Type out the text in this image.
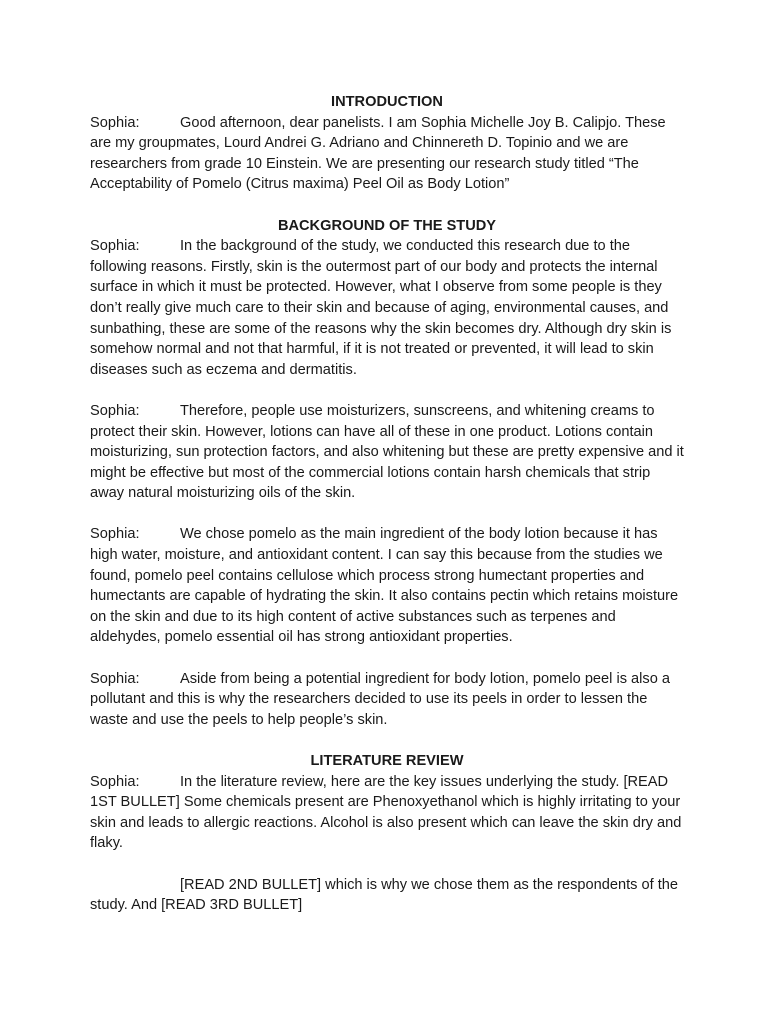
INTRODUCTION

Sophia:	Good afternoon, dear panelists. I am Sophia Michelle Joy B. Calipjo. These are my groupmates, Lourd Andrei G. Adriano and Chinnereth D. Topinio and we are researchers from grade 10 Einstein. We are presenting our research study titled “The Acceptability of Pomelo (Citrus maxima) Peel Oil as Body Lotion”

BACKGROUND OF THE STUDY

Sophia:	In the background of the study, we conducted this research due to the following reasons. Firstly, skin is the outermost part of our body and protects the internal surface in which it must be protected. However, what I observe from some people is they don’t really give much care to their skin and because of aging, environmental causes, and sunbathing, these are some of the reasons why the skin becomes dry. Although dry skin is somehow normal and not that harmful, if it is not treated or prevented, it will lead to skin diseases such as eczema and dermatitis.

Sophia:	Therefore, people use moisturizers, sunscreens, and whitening creams to protect their skin. However, lotions can have all of these in one product. Lotions contain moisturizing, sun protection factors, and also whitening but these are pretty expensive and it might be effective but most of the commercial lotions contain harsh chemicals that strip away natural moisturizing oils of the skin.

Sophia:	We chose pomelo as the main ingredient of the body lotion because it has high water, moisture, and antioxidant content. I can say this because from the studies we found, pomelo peel contains cellulose which process strong humectant properties and humectants are capable of hydrating the skin. It also contains pectin which retains moisture on the skin and due to its high content of active substances such as terpenes and aldehydes, pomelo essential oil has strong antioxidant properties.

Sophia:	Aside from being a potential ingredient for body lotion, pomelo peel is also a pollutant and this is why the researchers decided to use its peels in order to lessen the waste and use the peels to help people’s skin.

LITERATURE REVIEW

Sophia:	In the literature review, here are the key issues underlying the study. [READ 1ST BULLET] Some chemicals present are Phenoxyethanol which is highly irritating to your skin and leads to allergic reactions. Alcohol is also present which can leave the skin dry and flaky.

[READ 2ND BULLET] which is why we chose them as the respondents of the study. And [READ 3RD BULLET]
